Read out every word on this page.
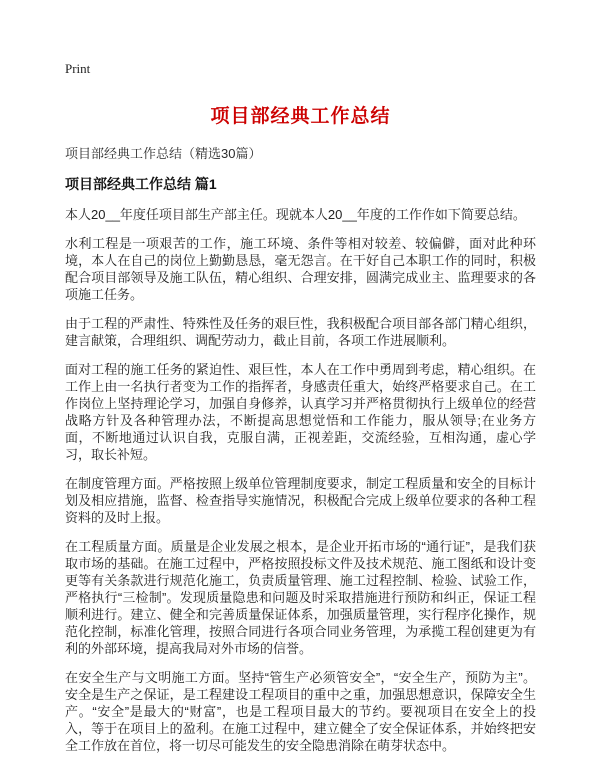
Print
项目部经典工作总结

项目部经典工作总结（精选30篇）

项目部经典工作总结 篇1

本人20__年度任项目部生产部主任。现就本人20__年度的工作作如下简要总结。

水利工程是一项艰苦的工作，施工环境、条件等相对较差、较偏僻，面对此种环境，本人在自己的岗位上勤勤恳恳，毫无怨言。在干好自己本职工作的同时，积极配合项目部领导及施工队伍，精心组织、合理安排，圆满完成业主、监理要求的各项施工任务。

由于工程的严肃性、特殊性及任务的艰巨性，我积极配合项目部各部门精心组织，建言献策，合理组织、调配劳动力，截止目前，各项工作进展顺利。

面对工程的施工任务的紧迫性、艰巨性，本人在工作中勇周到考虑，精心组织。在工作上由一名执行者变为工作的指挥者，身感责任重大，始终严格要求自己。在工作岗位上坚持理论学习，加强自身修养，认真学习并严格贯彻执行上级单位的经营战略方针及各种管理办法，不断提高思想觉悟和工作能力，服从领导;在业务方面，不断地通过认识自我，克服自满，正视差距，交流经验，互相沟通，虚心学习，取长补短。

在制度管理方面。严格按照上级单位管理制度要求，制定工程质量和安全的目标计划及相应措施，监督、检查指导实施情况，积极配合完成上级单位要求的各种工程资料的及时上报。

在工程质量方面。质量是企业发展之根本，是企业开拓市场的“通行证”，是我们获取市场的基础。在施工过程中，严格按照投标文件及技术规范、施工图纸和设计变更等有关条款进行规范化施工，负责质量管理、施工过程控制、检验、试验工作，严格执行“三检制”。发现质量隐患和问题及时采取措施进行预防和纠正，保证工程顺利进行。建立、健全和完善质量保证体系，加强质量管理，实行程序化操作，规范化控制，标准化管理，按照合同进行各项合同业务管理，为承揽工程创建更为有利的外部环境，提高我局对外市场的信誉。

在安全生产与文明施工方面。坚持“管生产必须管安全”，“安全生产，预防为主”。安全是生产之保证，是工程建设工程项目的重中之重，加强思想意识，保障安全生产。“安全”是最大的“财富”，也是工程项目最大的节约。要视项目在安全上的投入，等于在项目上的盈利。在施工过程中，建立健全了安全保证体系，并始终把安全工作放在首位，将一切尽可能发生的安全隐患消除在萌芽状态中。
